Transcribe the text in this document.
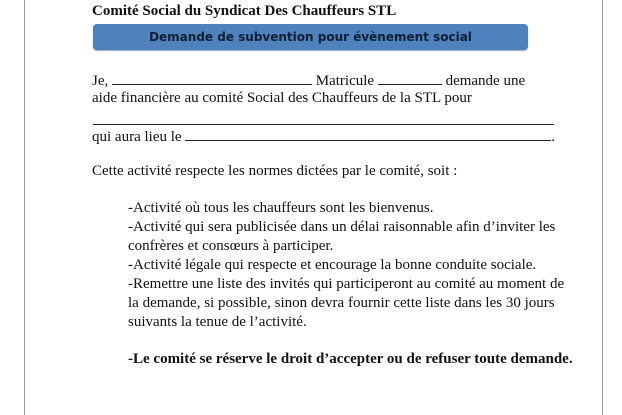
Comité Social du Syndicat Des Chauffeurs STL
Demande de subvention pour évènement social
Je,	Matricule	demande une
aide financière au comité Social des Chauffeurs de la STL pour
qui aura lieu le	.
Cette activité respecte les normes dictées par le comité, soit :
-Activité où tous les chauffeurs sont les bienvenus.
-Activité qui sera publicisée dans un délai raisonnable afin d’inviter les
confrères et consœurs à participer.
-Activité légale qui respecte et encourage la bonne conduite sociale.
-Remettre une liste des invités qui participeront au comité au moment de
la demande, si possible, sinon devra fournir cette liste dans les 30 jours
suivants la tenue de l’activité.
-Le comité se réserve le droit d’accepter ou de refuser toute demande.
